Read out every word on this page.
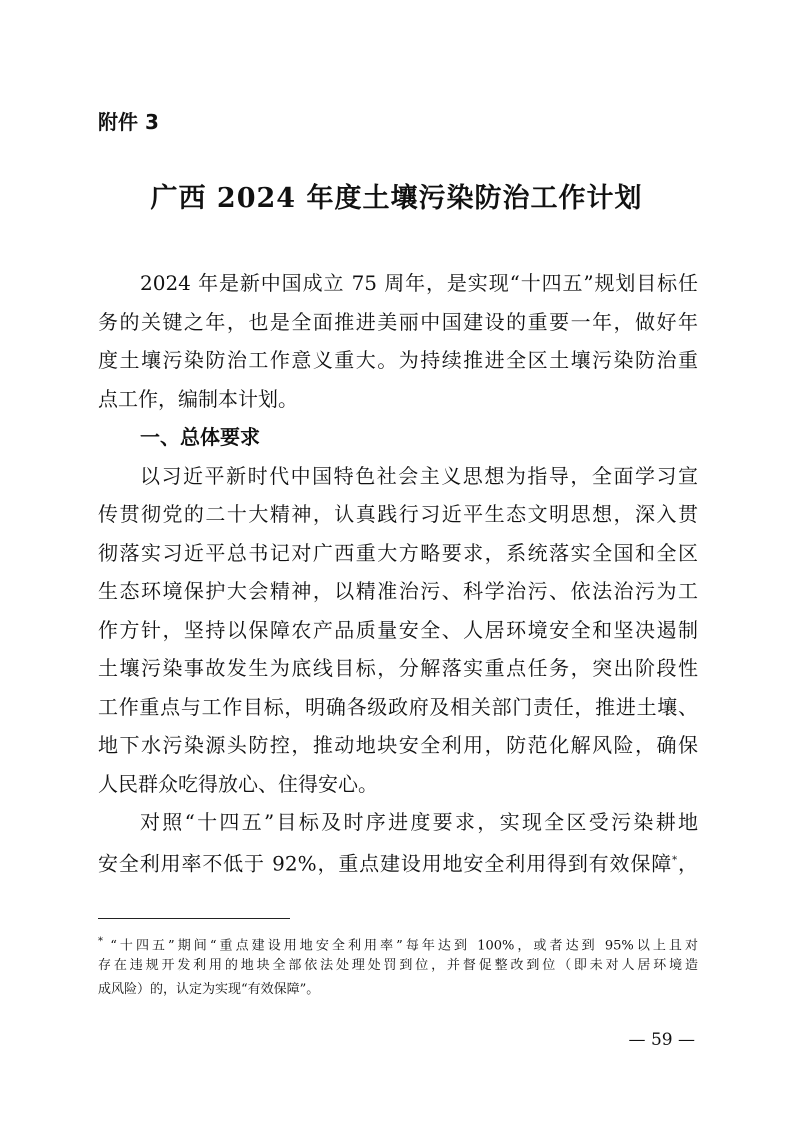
附件 3
广西 2024 年度土壤污染防治工作计划
2024 年是新中国成立 75 周年，是实现“十四五”规划目标任
务的关键之年，也是全面推进美丽中国建设的重要一年，做好年
度土壤污染防治工作意义重大。为持续推进全区土壤污染防治重
点工作，编制本计划。
一、总体要求
以习近平新时代中国特色社会主义思想为指导，全面学习宣
传贯彻党的二十大精神，认真践行习近平生态文明思想，深入贯
彻落实习近平总书记对广西重大方略要求，系统落实全国和全区
生态环境保护大会精神，以精准治污、科学治污、依法治污为工
作方针，坚持以保障农产品质量安全、人居环境安全和坚决遏制
土壤污染事故发生为底线目标，分解落实重点任务，突出阶段性
工作重点与工作目标，明确各级政府及相关部门责任，推进土壤、
地下水污染源头防控，推动地块安全利用，防范化解风险，确保
人民群众吃得放心、住得安心。
对照“十四五”目标及时序进度要求，实现全区受污染耕地
安全利用率不低于 92%，重点建设用地安全利用得到有效保障*，
* “十四五”期间“重点建设用地安全利用率”每年达到 100%，或者达到 95%以上且对
存在违规开发利用的地块全部依法处理处罚到位，并督促整改到位（即未对人居环境造
成风险）的，认定为实现“有效保障”。
— 59 —
